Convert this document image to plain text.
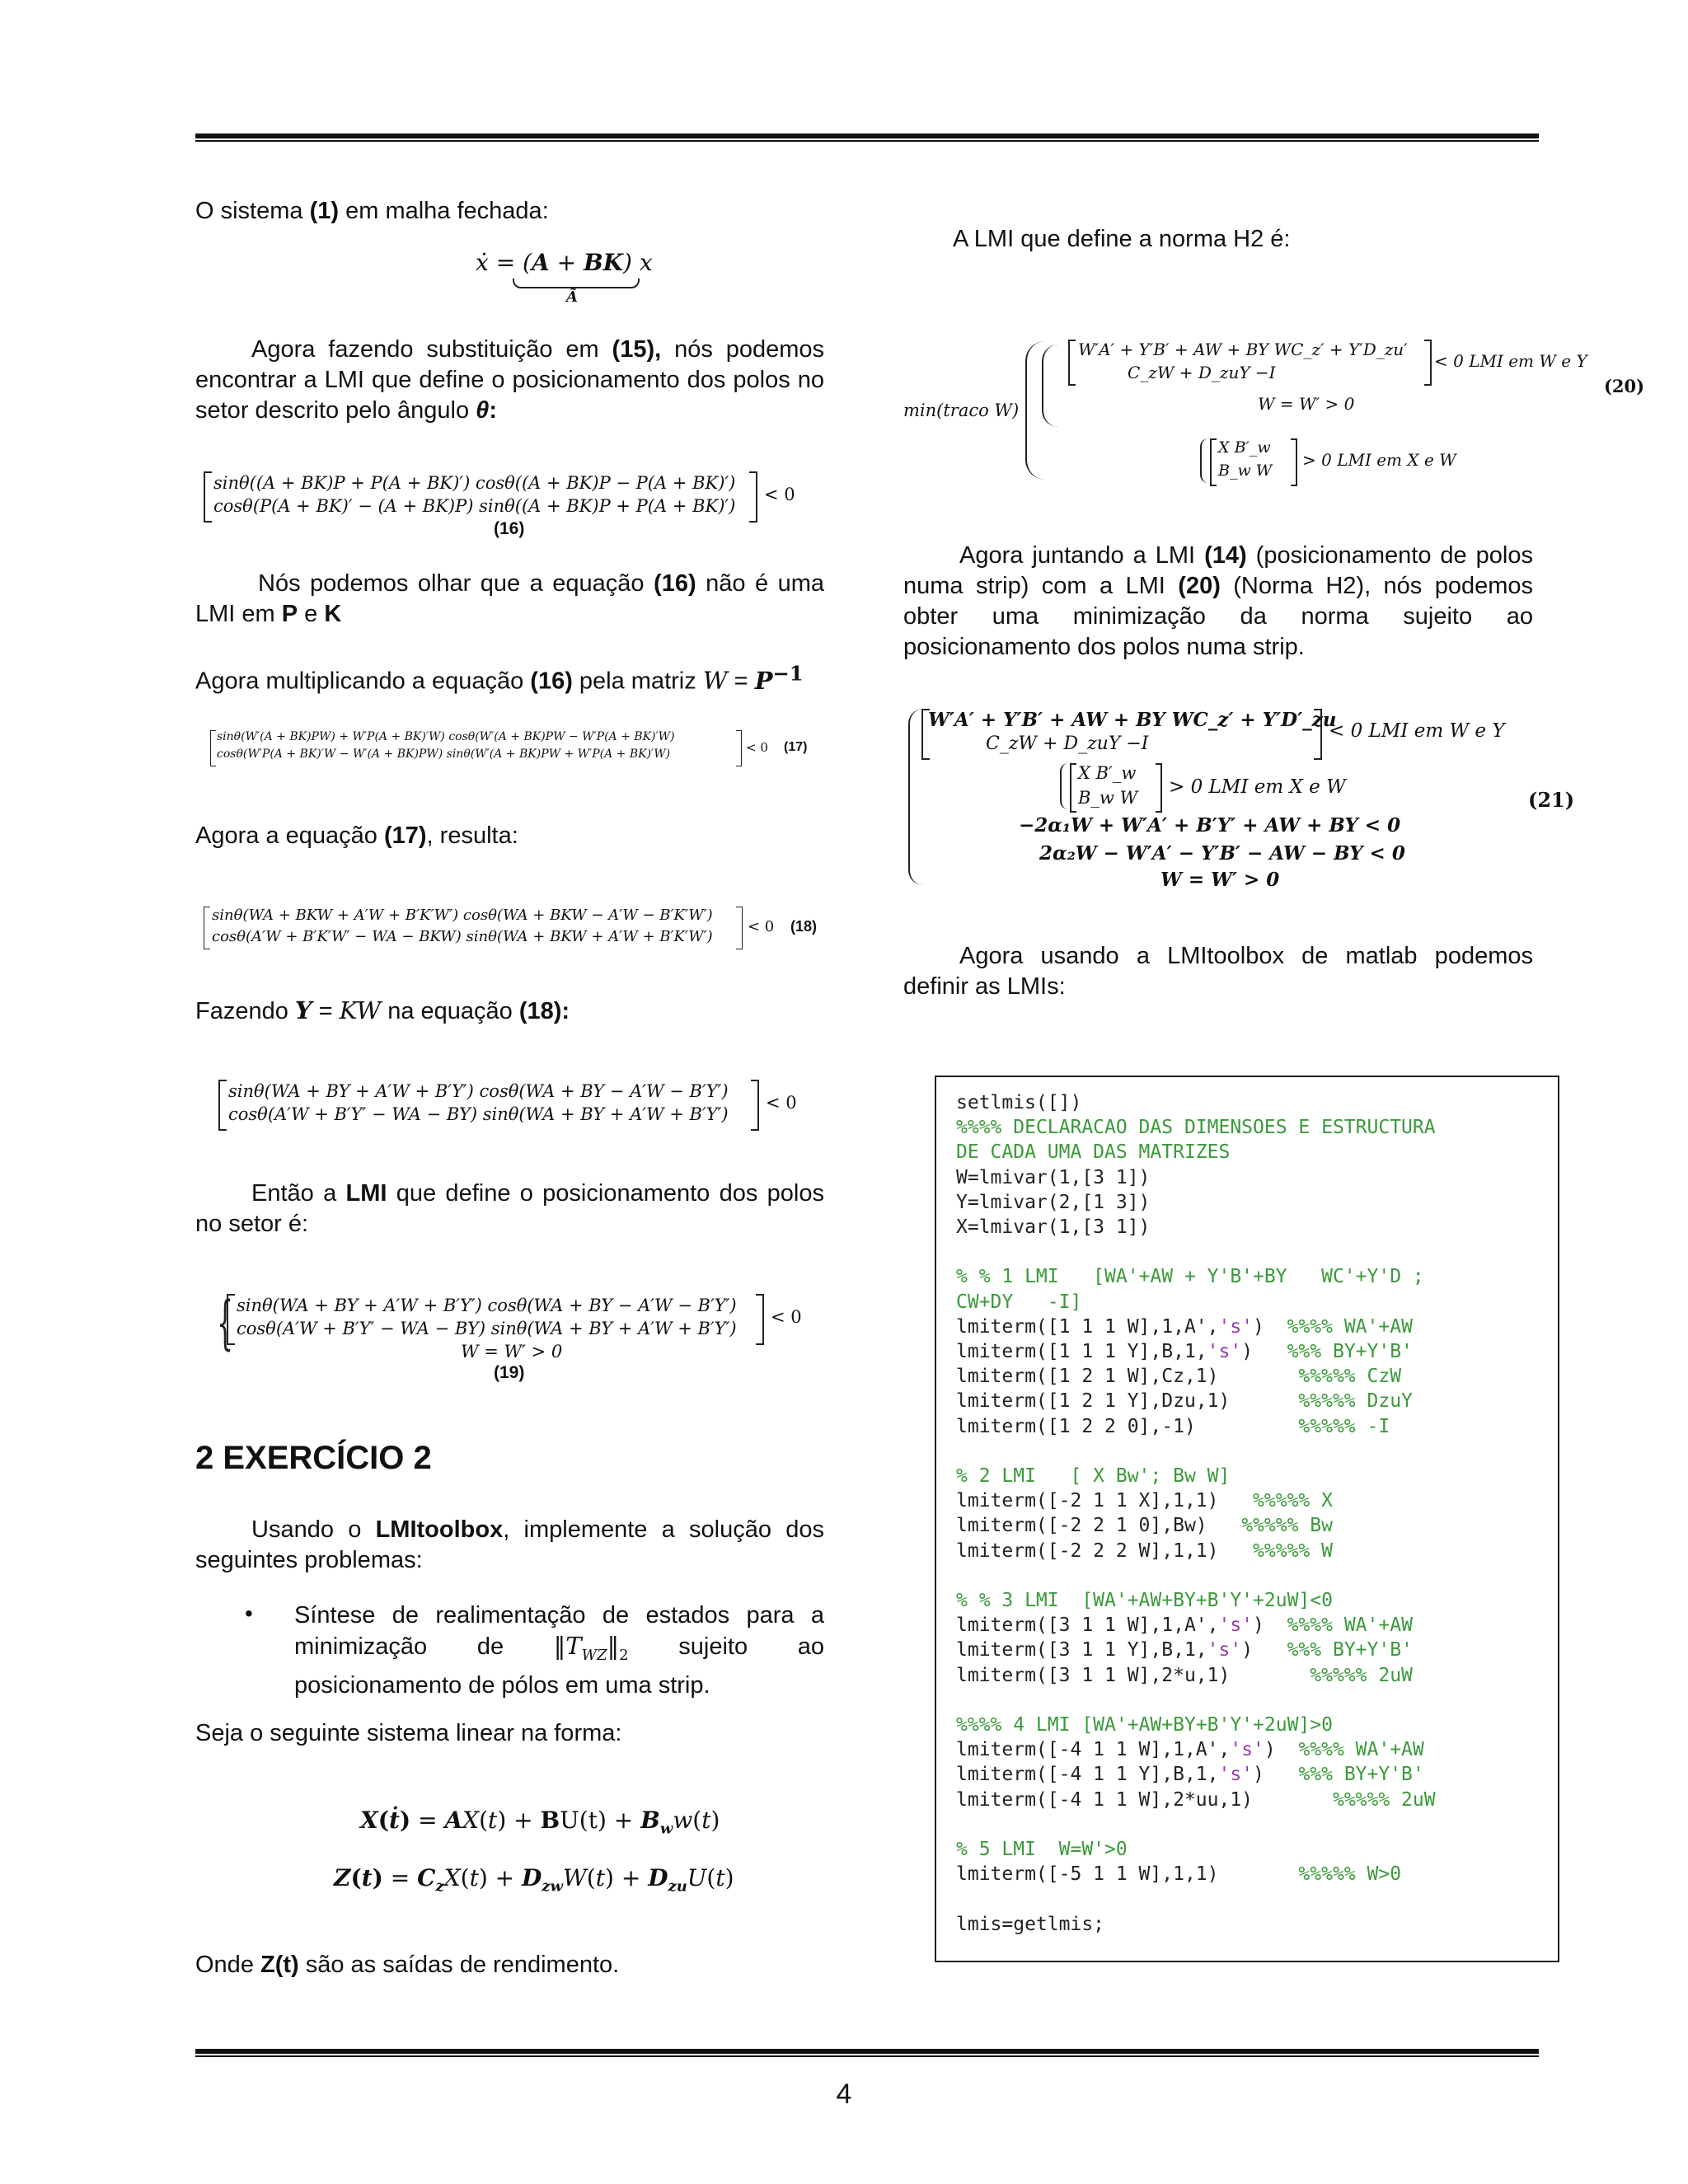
O sistema (1) em malha fechada:

ẋ = (A + BK) x
Ã

Agora fazendo substituição em (15), nós podemos encontrar a LMI que define o posicionamento dos polos no setor descrito pelo ângulo θ:

sinθ((A + BK)P + P(A + BK)′) cosθ((A + BK)P − P(A + BK)′)
cosθ(P(A + BK)′ − (A + BK)P) sinθ((A + BK)P + P(A + BK)′)
< 0
(16)

Nós podemos olhar que a equação (16) não é uma LMI em P e K

Agora multiplicando a equação (16) pela matriz $W = P^{-1}$

sinθ(W′(A + BK)PW) + W′P(A + BK)′W) cosθ(W′(A + BK)PW − W′P(A + BK)′W)
cosθ(W′P(A + BK)′W − W′(A + BK)PW) sinθ(W′(A + BK)PW + W′P(A + BK)′W)	< 0 (17)

Agora a equação (17), resulta:

sinθ(WA + BKW + A′W + B′K′W′) cosθ(WA + BKW − A′W − B′K′W′)
cosθ(A′W + B′K′W′ − WA − BKW) sinθ(WA + BKW + A′W + B′K′W′)
< 0 (18)

Fazendo Y = KW na equação (18):

sinθ(WA + BY + A′W + B′Y′) cosθ(WA + BY − A′W − B′Y′)
cosθ(A′W + B′Y′ − WA − BY) sinθ(WA + BY + A′W + B′Y′)
< 0

Então a LMI que define o posicionamento dos polos no setor é:

{ sinθ(WA + BY + A′W + B′Y′) cosθ(WA + BY − A′W − B′Y′)
cosθ(A′W + B′Y′ − WA − BY) sinθ(WA + BY + A′W + B′Y′)
< 0
W = W′ > 0
(19)
2 EXERCÍCIO 2

Usando o LMItoolbox, implemente a solução dos seguintes problemas:

• Síntese de realimentação de estados para a minimização de $‖T_{WZ}‖_2$ sujeito ao posicionamento de pólos em uma strip.

Seja o seguinte sistema linear na forma:

X(ṫ) = $AX(t) + BU(t) + B_ww(t)$
$Z(t) = C_zX(t) + D_{zw}W(t) + D_{zu}U(t)$

Onde Z(t) são as saídas de rendimento.

A LMI que define a norma H2 é:

min(traco W)
W′A′ + Y′B′ + AW + BY WC_z′ + Y′D_zu′
C_zW + D_zuY −I
< 0 LMI em W e Y
W = W′ > 0
X B′_w
B_w W
> 0 LMI em X e W
(20)

Agora juntando a LMI (14) (posicionamento de polos numa strip) com a LMI (20) (Norma H2), nós podemos obter uma minimização da norma sujeito ao posicionamento dos polos numa strip.

W′A′ + Y′B′ + AW + BY WC_z′ + Y′D′_zu
C_zW + D_zuY −I
< 0 LMI em W e Y
X B′_w
B_w W > 0 LMI em X e W
−2α₁W + W′A′ + B′Y′ + AW + BY < 0
2α₂W − W′A′ − Y′B′ − AW − BY < 0
W = W′ > 0
(21)

Agora usando a LMItoolbox de matlab podemos definir as LMIs:

setlmis([])
%%%% DECLARACAO DAS DIMENSOES E ESTRUCTURA
DE CADA UMA DAS MATRIZES
W=lmivar(1,[3 1])
Y=lmivar(2,[1 3])
X=lmivar(1,[3 1])

% % 1 LMI   [WA'+AW + Y'B'+BY   WC'+Y'D ;
CW+DY   -I]
lmiterm([1 1 1 W],1,A','s')  %%%% WA'+AW
lmiterm([1 1 1 Y],B,1,'s')   %%% BY+Y'B'
lmiterm([1 2 1 W],Cz,1)       %%%%% CzW
lmiterm([1 2 1 Y],Dzu,1)      %%%%% DzuY
lmiterm([1 2 2 0],-1)         %%%%% -I

% 2 LMI   [ X Bw'; Bw W]
lmiterm([-2 1 1 X],1,1)   %%%%% X
lmiterm([-2 2 1 0],Bw)   %%%%% Bw
lmiterm([-2 2 2 W],1,1)   %%%%% W

% % 3 LMI  [WA'+AW+BY+B'Y'+2uW]<0
lmiterm([3 1 1 W],1,A','s')  %%%% WA'+AW
lmiterm([3 1 1 Y],B,1,'s')   %%% BY+Y'B'
lmiterm([3 1 1 W],2*u,1)       %%%%% 2uW

%%%% 4 LMI [WA'+AW+BY+B'Y'+2uW]>0
lmiterm([-4 1 1 W],1,A','s')  %%%% WA'+AW
lmiterm([-4 1 1 Y],B,1,'s')   %%% BY+Y'B'
lmiterm([-4 1 1 W],2*uu,1)       %%%%% 2uW

% 5 LMI  W=W'>0
lmiterm([-5 1 1 W],1,1)       %%%%% W>0

lmis=getlmis;
4
